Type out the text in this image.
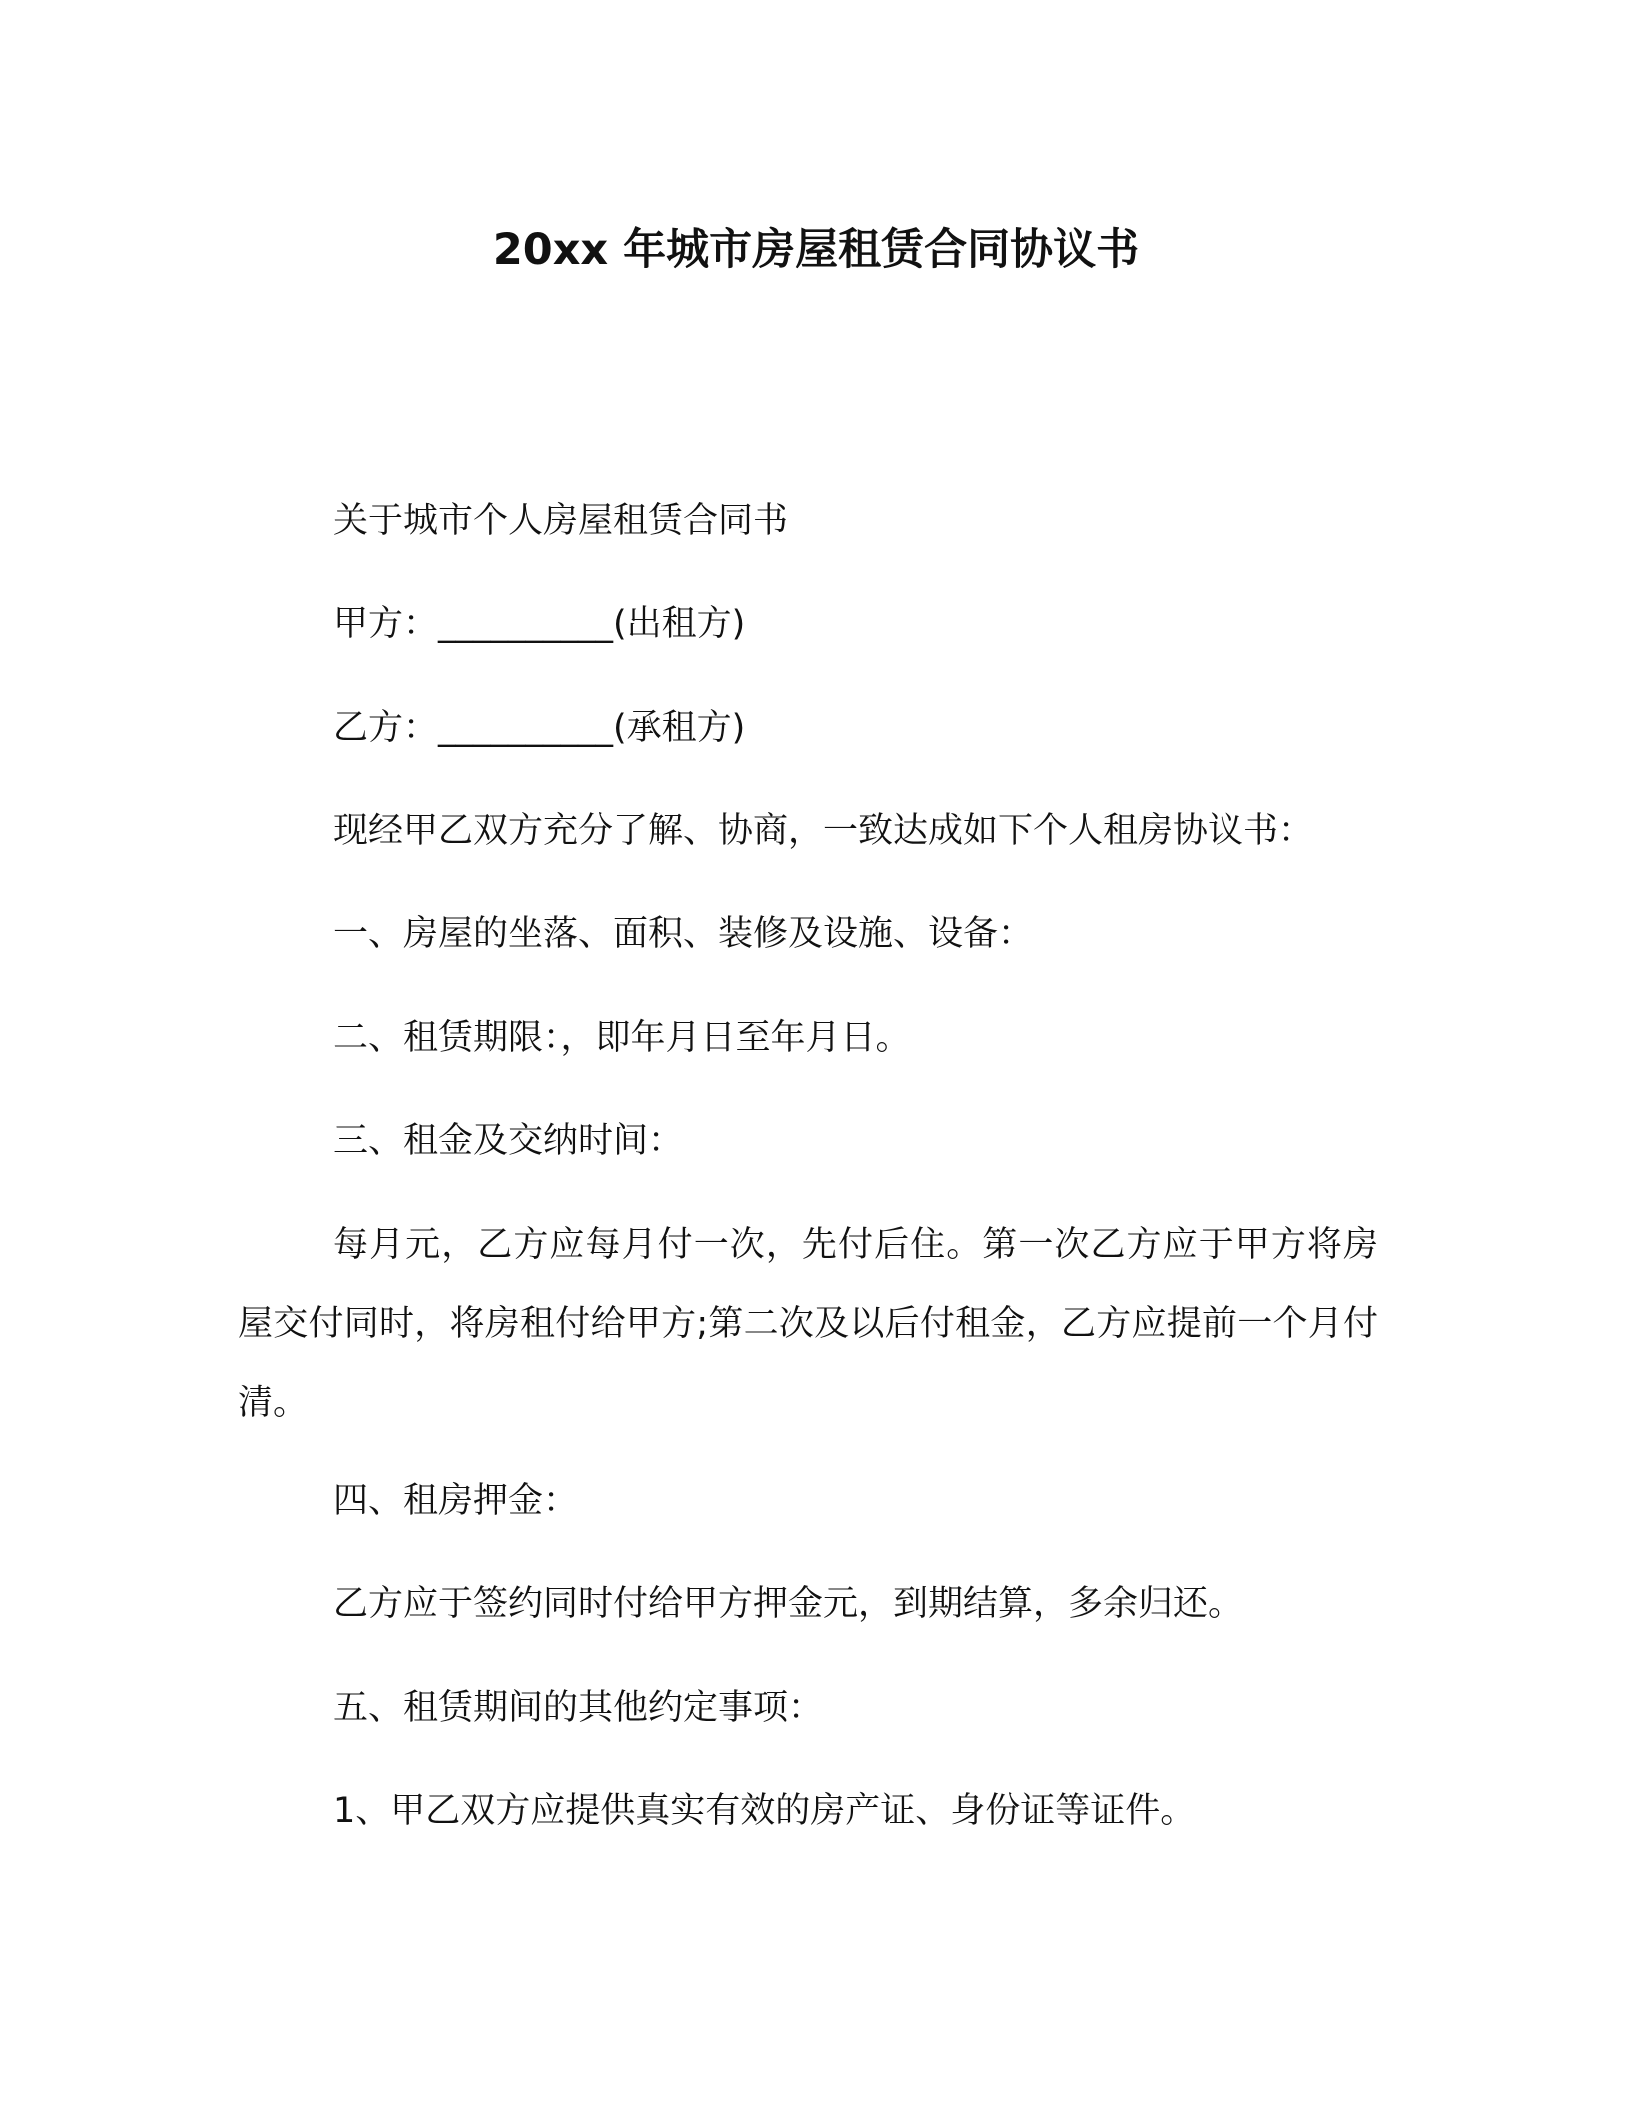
20xx 年城市房屋租赁合同协议书
关于城市个人房屋租赁合同书
甲方：__________(出租方)
乙方：__________(承租方)
现经甲乙双方充分了解、协商，一致达成如下个人租房协议书：
一、房屋的坐落、面积、装修及设施、设备：
二、租赁期限：，即年月日至年月日。
三、租金及交纳时间：
每月元，乙方应每月付一次，先付后住。第一次乙方应于甲方将房屋交付同时，将房租付给甲方;第二次及以后付租金，乙方应提前一个月付清。
四、租房押金：
乙方应于签约同时付给甲方押金元，到期结算，多余归还。
五、租赁期间的其他约定事项：
1、甲乙双方应提供真实有效的房产证、身份证等证件。
